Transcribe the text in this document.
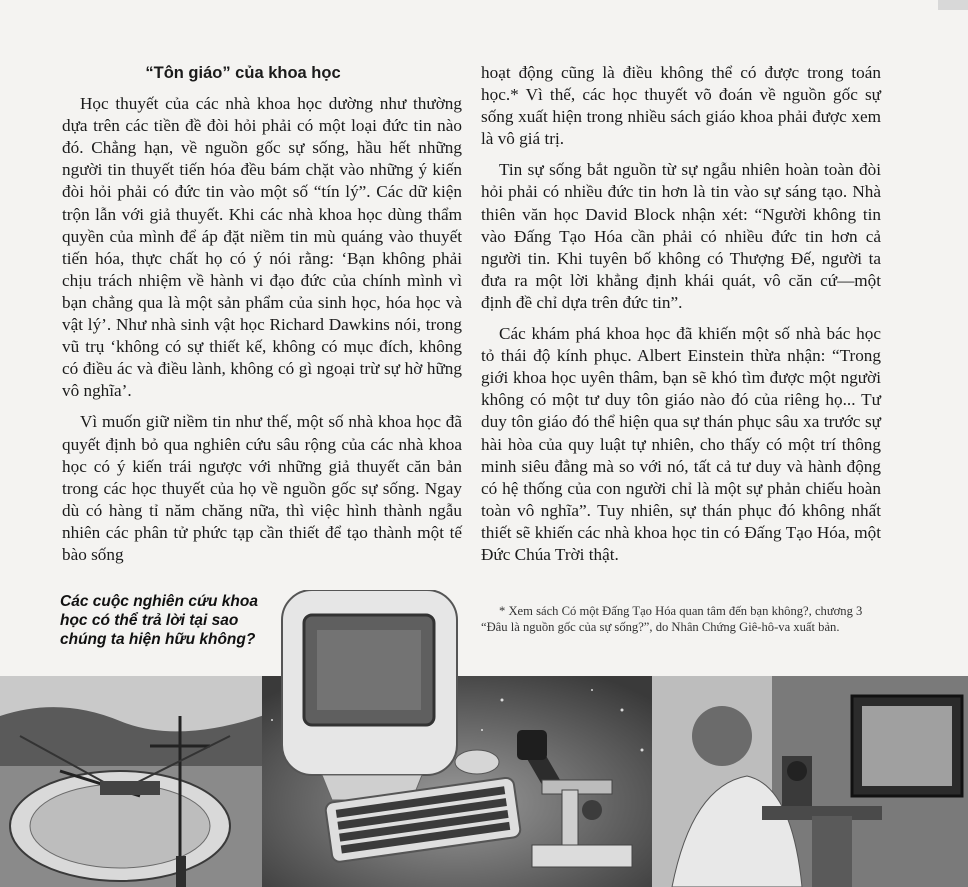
“Tôn giáo” của khoa học

Học thuyết của các nhà khoa học dường như thường dựa trên các tiền đề đòi hỏi phải có một loại đức tin nào đó. Chẳng hạn, về nguồn gốc sự sống, hầu hết những người tin thuyết tiến hóa đều bám chặt vào những ý kiến đòi hỏi phải có đức tin vào một số “tín lý”. Các dữ kiện trộn lẫn với giả thuyết. Khi các nhà khoa học dùng thẩm quyền của mình để áp đặt niềm tin mù quáng vào thuyết tiến hóa, thực chất họ có ý nói rằng: ‘Bạn không phải chịu trách nhiệm về hành vi đạo đức của chính mình vì bạn chẳng qua là một sản phẩm của sinh học, hóa học và vật lý’. Như nhà sinh vật học Richard Dawkins nói, trong vũ trụ ‘không có sự thiết kế, không có mục đích, không có điều ác và điều lành, không có gì ngoại trừ sự hờ hững vô nghĩa’.

Vì muốn giữ niềm tin như thế, một số nhà khoa học đã quyết định bỏ qua nghiên cứu sâu rộng của các nhà khoa học có ý kiến trái ngược với những giả thuyết căn bản trong các học thuyết của họ về nguồn gốc sự sống. Ngay dù có hàng tỉ năm chăng nữa, thì việc hình thành ngẫu nhiên các phân tử phức tạp cần thiết để tạo thành một tế bào sống

hoạt động cũng là điều không thể có được trong toán học.* Vì thế, các học thuyết võ đoán về nguồn gốc sự sống xuất hiện trong nhiều sách giáo khoa phải được xem là vô giá trị.

Tin sự sống bắt nguồn từ sự ngẫu nhiên hoàn toàn đòi hỏi phải có nhiều đức tin hơn là tin vào sự sáng tạo. Nhà thiên văn học David Block nhận xét: “Người không tin vào Đấng Tạo Hóa cần phải có nhiều đức tin hơn cả người tin. Khi tuyên bố không có Thượng Đế, người ta đưa ra một lời khẳng định khái quát, vô căn cứ—một định đề chỉ dựa trên đức tin”.

Các khám phá khoa học đã khiến một số nhà bác học tỏ thái độ kính phục. Albert Einstein thừa nhận: “Trong giới khoa học uyên thâm, bạn sẽ khó tìm được một người không có một tư duy tôn giáo nào đó của riêng họ... Tư duy tôn giáo đó thể hiện qua sự thán phục sâu xa trước sự hài hòa của quy luật tự nhiên, cho thấy có một trí thông minh siêu đẳng mà so với nó, tất cả tư duy và hành động có hệ thống của con người chỉ là một sự phản chiếu hoàn toàn vô nghĩa”. Tuy nhiên, sự thán phục đó không nhất thiết sẽ khiến các nhà khoa học tin có Đấng Tạo Hóa, một Đức Chúa Trời thật.

* Xem sách Có một Đấng Tạo Hóa quan tâm đến bạn không?, chương 3 “Đâu là nguồn gốc của sự sống?”, do Nhân Chứng Giê-hô-va xuất bản.

Các cuộc nghiên cứu khoa học có thể trả lời tại sao chúng ta hiện hữu không?
